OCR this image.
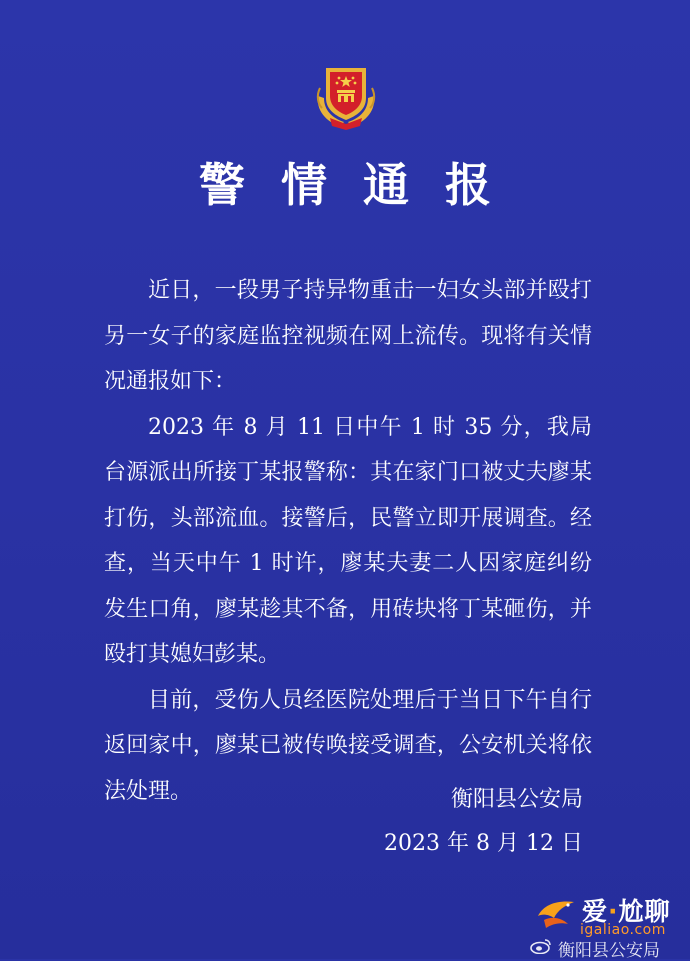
警情通报

近日，一段男子持异物重击一妇女头部并殴打另一女子的家庭监控视频在网上流传。现将有关情况通报如下：

2023 年 8 月 11 日中午 1 时 35 分，我局台源派出所接丁某报警称：其在家门口被丈夫廖某打伤，头部流血。接警后，民警立即开展调查。经查，当天中午 1 时许，廖某夫妻二人因家庭纠纷发生口角，廖某趁其不备，用砖块将丁某砸伤，并殴打其媳妇彭某。

目前，受伤人员经医院处理后于当日下午自行返回家中，廖某已被传唤接受调查，公安机关将依法处理。	衡阳县公安局
2023 年 8 月 12 日
爱·尬聊
igaliao.com
衡阳县公安局
